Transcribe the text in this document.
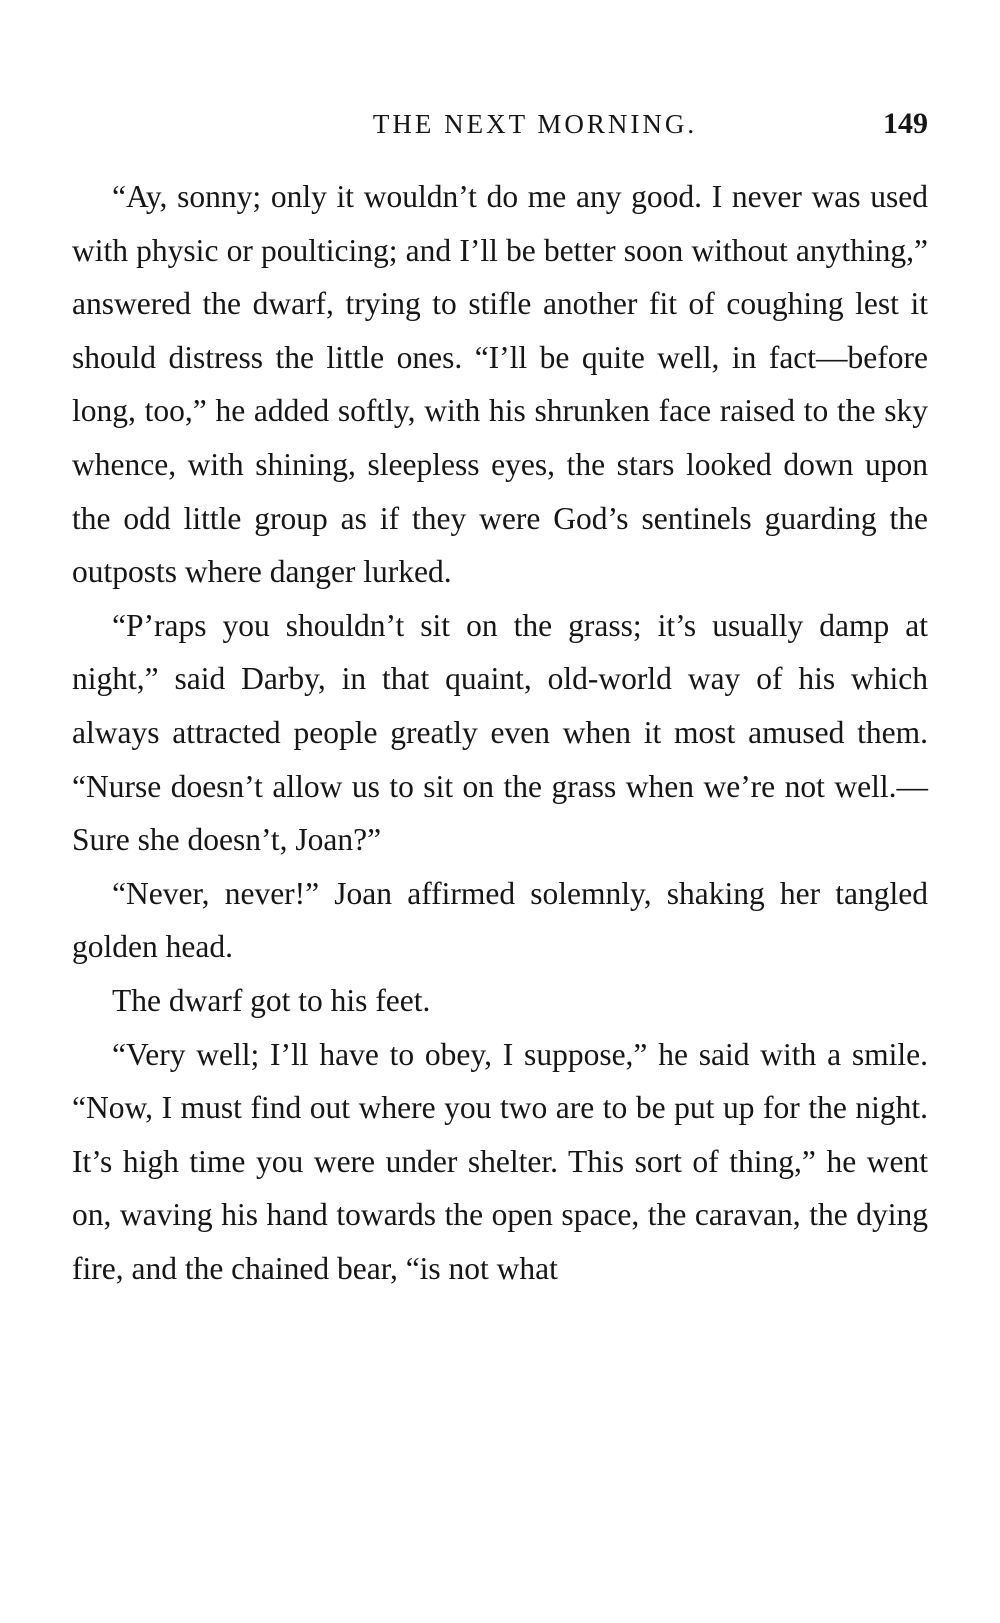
THE NEXT MORNING.	149

“Ay, sonny; only it wouldn’t do me any good. I never was used with physic or poulticing; and I’ll be better soon without anything,” answered the dwarf, trying to stifle another fit of coughing lest it should distress the little ones. “I’ll be quite well, in fact—before long, too,” he added softly, with his shrunken face raised to the sky whence, with shining, sleepless eyes, the stars looked down upon the odd little group as if they were God’s sentinels guarding the outposts where danger lurked.

“P’raps you shouldn’t sit on the grass; it’s usually damp at night,” said Darby, in that quaint, old-world way of his which always attracted people greatly even when it most amused them. “Nurse doesn’t allow us to sit on the grass when we’re not well.—Sure she doesn’t, Joan?”

“Never, never!” Joan affirmed solemnly, shaking her tangled golden head.

The dwarf got to his feet.

“Very well; I’ll have to obey, I suppose,” he said with a smile. “Now, I must find out where you two are to be put up for the night. It’s high time you were under shelter. This sort of thing,” he went on, waving his hand towards the open space, the caravan, the dying fire, and the chained bear, “is not what
